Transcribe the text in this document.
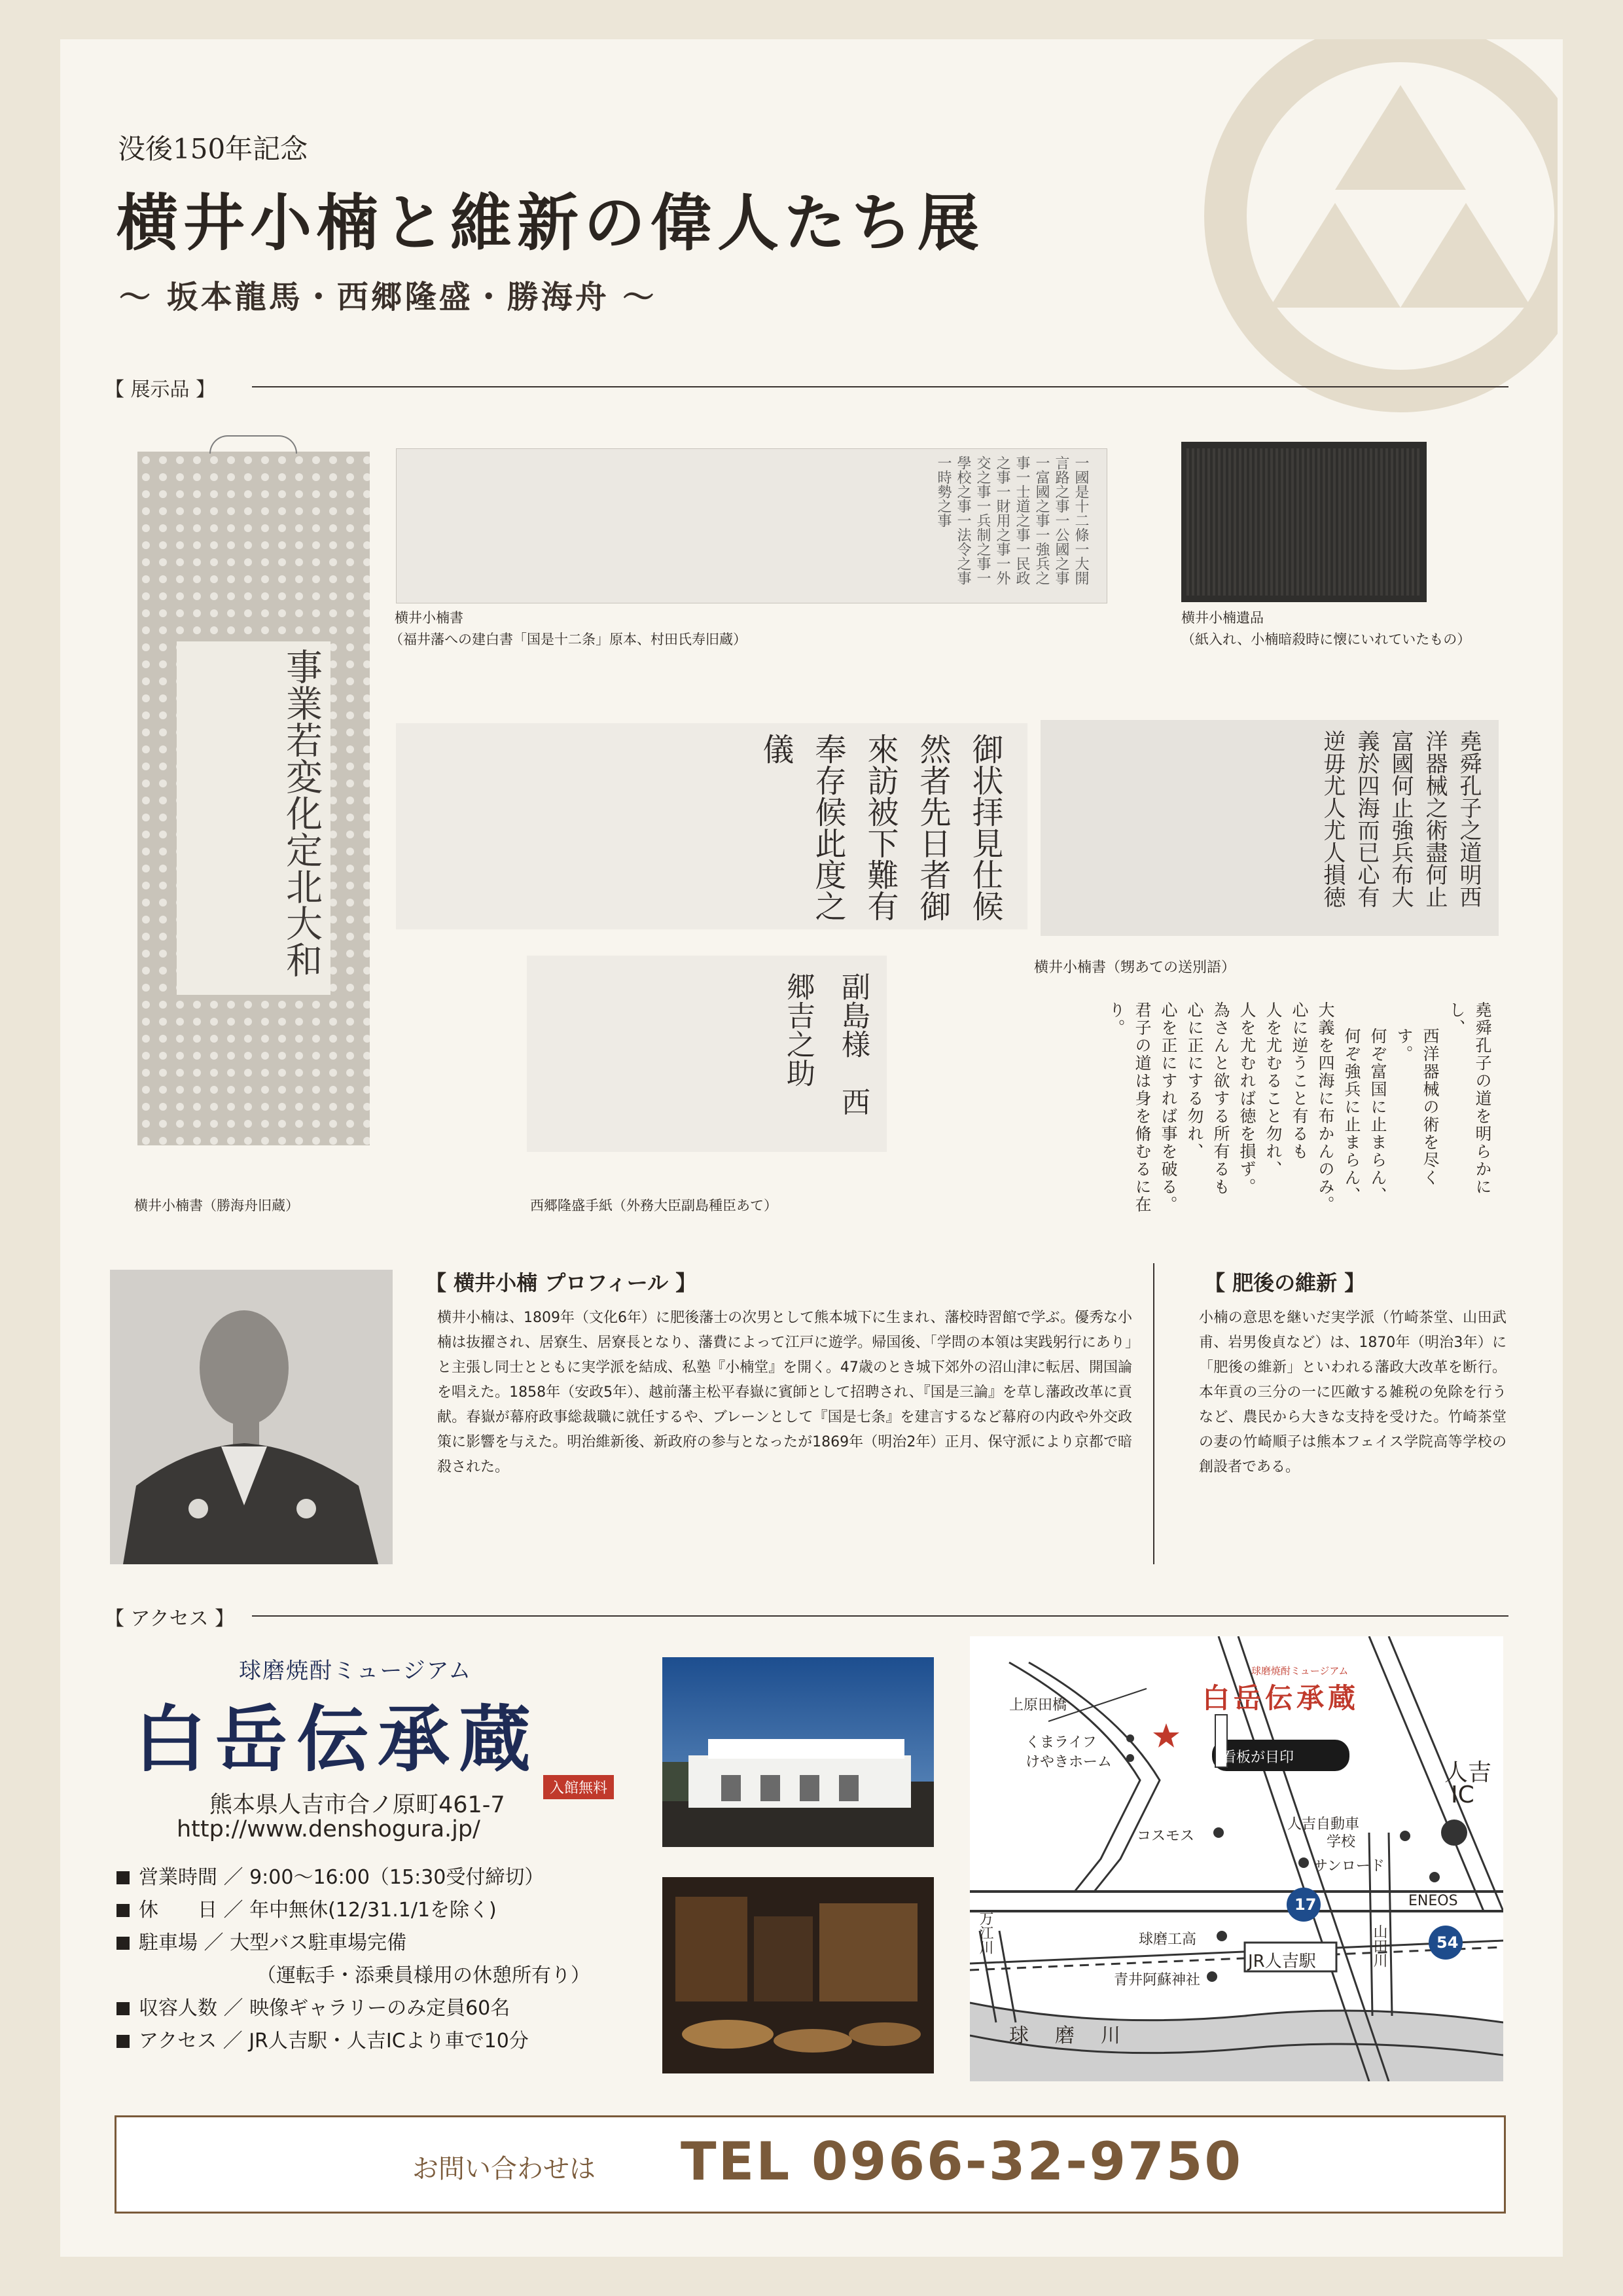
没後150年記念
横井小楠と維新の偉人たち展
～ 坂本龍馬・西郷隆盛・勝海舟 ～
【 展示品 】
事業若変化定北大和
横井小楠書（勝海舟旧蔵）
一國是十二條一大開言路之事一公國之事一富國之事一強兵之事一士道之事一民政之事一財用之事一外交之事一兵制之事一學校之事一法令之事一時勢之事
横井小楠書
（福井藩への建白書「国是十二条」原本、村田氏寿旧蔵）
横井小楠遺品
（紙入れ、小楠暗殺時に懐にいれていたもの）
御状拝見仕候然者先日者御來訪被下難有奉存候此度之儀
副島様　西郷吉之助
西郷隆盛手紙（外務大臣副島種臣あて）
堯舜孔子之道明西洋器械之術盡何止富國何止強兵布大義於四海而已心有逆毋尤人尤人損徳
横井小楠書（甥あての送別語）
堯舜孔子の道を明らかにし、
西洋器械の術を尽くす。
何ぞ富国に止まらん、
何ぞ強兵に止まらん、
大義を四海に布かんのみ。
心に逆うこと有るも
人を尤むること勿れ、
人を尤むれば徳を損ず。
為さんと欲する所有るも
心に正にする勿れ、
心を正にすれば事を破る。
君子の道は身を脩むるに在り。
【 横井小楠 プロフィール 】
横井小楠は、1809年（文化6年）に肥後藩士の次男として熊本城下に生まれ、藩校時習館で学ぶ。優秀な小楠は抜擢され、居寮生、居寮長となり、藩費によって江戸に遊学。帰国後、「学問の本領は実践躬行にあり」と主張し同士とともに実学派を結成、私塾『小楠堂』を開く。47歳のとき城下郊外の沼山津に転居、開国論を唱えた。1858年（安政5年）、越前藩主松平春嶽に賓師として招聘され、『国是三論』を草し藩政改革に貢献。春嶽が幕府政事総裁職に就任するや、ブレーンとして『国是七条』を建言するなど幕府の内政や外交政策に影響を与えた。明治維新後、新政府の参与となったが1869年（明治2年）正月、保守派により京都で暗殺された。
【 肥後の維新 】
小楠の意思を継いだ実学派（竹崎茶堂、山田武甫、岩男俊貞など）は、1870年（明治3年）に「肥後の維新」といわれる藩政大改革を断行。本年貢の三分の一に匹敵する雑税の免除を行うなど、農民から大きな支持を受けた。竹崎茶堂の妻の竹崎順子は熊本フェイス学院高等学校の創設者である。
【 アクセス 】
球磨焼酎ミュージアム
白岳伝承蔵
入館無料
熊本県人吉市合ノ原町461-7
http://www.denshogura.jp/
営業時間 ／ 9:00～16:00（15:30受付締切）
休　　日 ／ 年中無休(12/31.1/1を除く)
駐車場 ／ 大型バス駐車場完備
（運転手・添乗員様用の休憩所有り）
収容人数 ／ 映像ギャラリーのみ定員60名
アクセス ／ JR人吉駅・人吉ICより車で10分
球磨焼酎ミュージアム
白岳伝承蔵
看板が目印
上原田橋
くまライフ
けやきホーム
コスモス
人吉自動車
学校
サンロード
ENEOS
人吉
IC
17
54
球磨工高
青井阿蘇神社
JR人吉駅
万江川	山田川
球磨川
お問い合わせは TEL 0966-32-9750
